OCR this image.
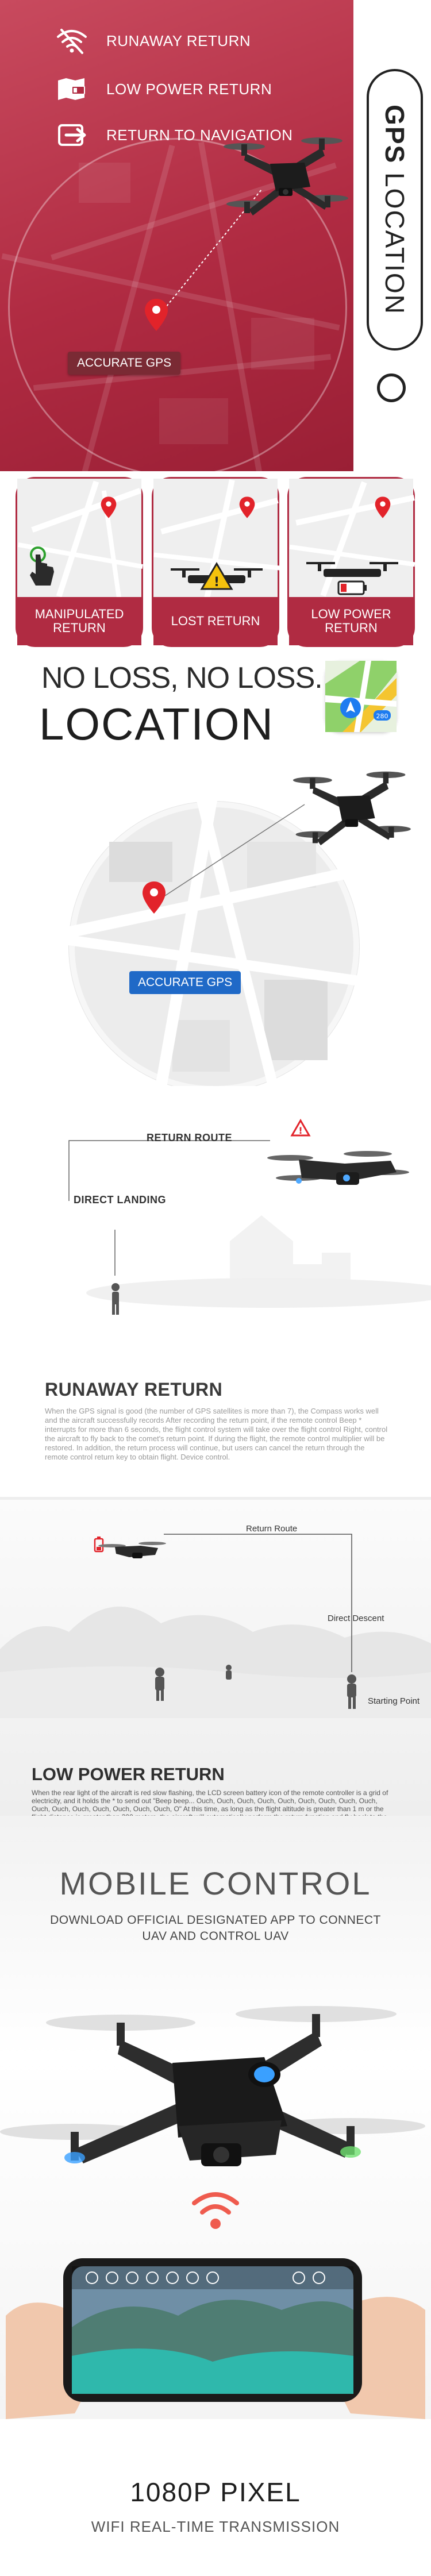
RUNAWAY RETURN
LOW POWER RETURN
RETURN TO NAVIGATION
ACCURATE GPS
GPS LOCATION
MANIPULATED RETURN
!
LOST RETURN	LOW POWER RETURN
NO LOSS, NO LOSS.
LOCATION	280
ACCURATE GPS
!
RETURN ROUTE
DIRECT LANDING
RUNAWAY RETURN
When the GPS signal is good (the number of GPS satellites is more than 7), the Compass works well and the aircraft successfully records After recording the return point, if the remote control Beep * interrupts for more than 6 seconds, the flight control system will take over the flight control Right, control the aircraft to fly back to the comet's return point. If during the flight, the remote control multiplier will be restored. In addition, the return process will continue, but users can cancel the return through the remote control return key to obtain flight. Device control.
Return Route
Direct Descent
Starting Point
LOW POWER RETURN
When the rear light of the aircraft is red slow flashing, the LCD screen battery icon of the remote controller is a grid of electricity, and it holds the * to send out "Beep beep... Ouch, Ouch, Ouch, Ouch, Ouch, Ouch, Ouch, Ouch, Ouch, Ouch, Ouch, Ouch, Ouch, Ouch, Ouch, Ouch, O" At this time, as long as the flight altitude is greater than 1 m or the
MOBILE CONTROL
DOWNLOAD OFFICIAL DESIGNATED APP TO CONNECT
UAV AND CONTROL UAV
1080P PIXEL
WIFI REAL-TIME TRANSMISSION
